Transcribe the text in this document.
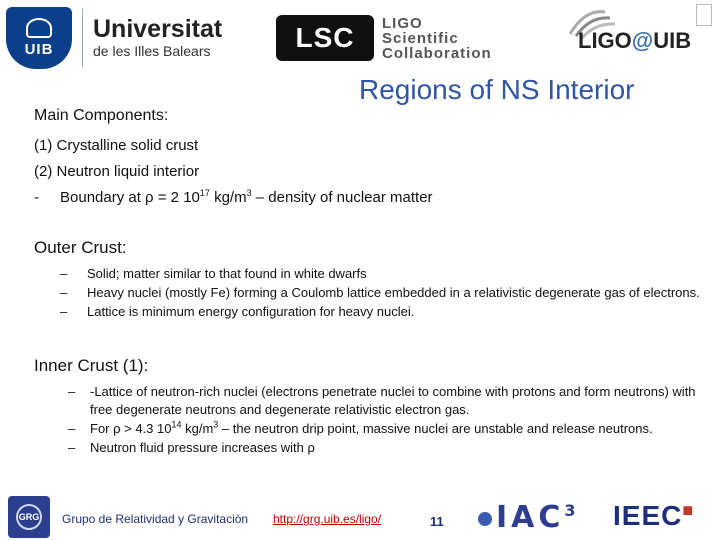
UIB
Universitat
de les Illes Balears	LSC	LIGO
Scientific
Collaboration	LIGO@UIB
Regions of NS Interior
Main Components:
(1) Crystalline solid crust
(2) Neutron liquid interior
- Boundary at ρ = 2 $10^{17}$ $kg/m^3$ – density of nuclear matter
Outer Crust:
–	Solid; matter similar to that found in white dwarfs
–	Heavy nuclei (mostly Fe) forming a Coulomb lattice embedded in a relativistic degenerate gas of electrons.
–	Lattice is minimum energy configuration for heavy nuclei.
Inner Crust (1):
–	-Lattice of neutron-rich nuclei (electrons penetrate nuclei to combine with protons and form neutrons) with free degenerate neutrons and degenerate relativistic electron gas.
–	For ρ > 4.3 $10^{14}$ $kg/m^3$ – the neutron drip point, massive nuclei are unstable and release neutrons.
–	Neutron fluid pressure increases with ρ
GRG Grupo de Relatividad y Gravitación http://grg.uib.es/ligo/	11	IAC$^3$	IEEC■
